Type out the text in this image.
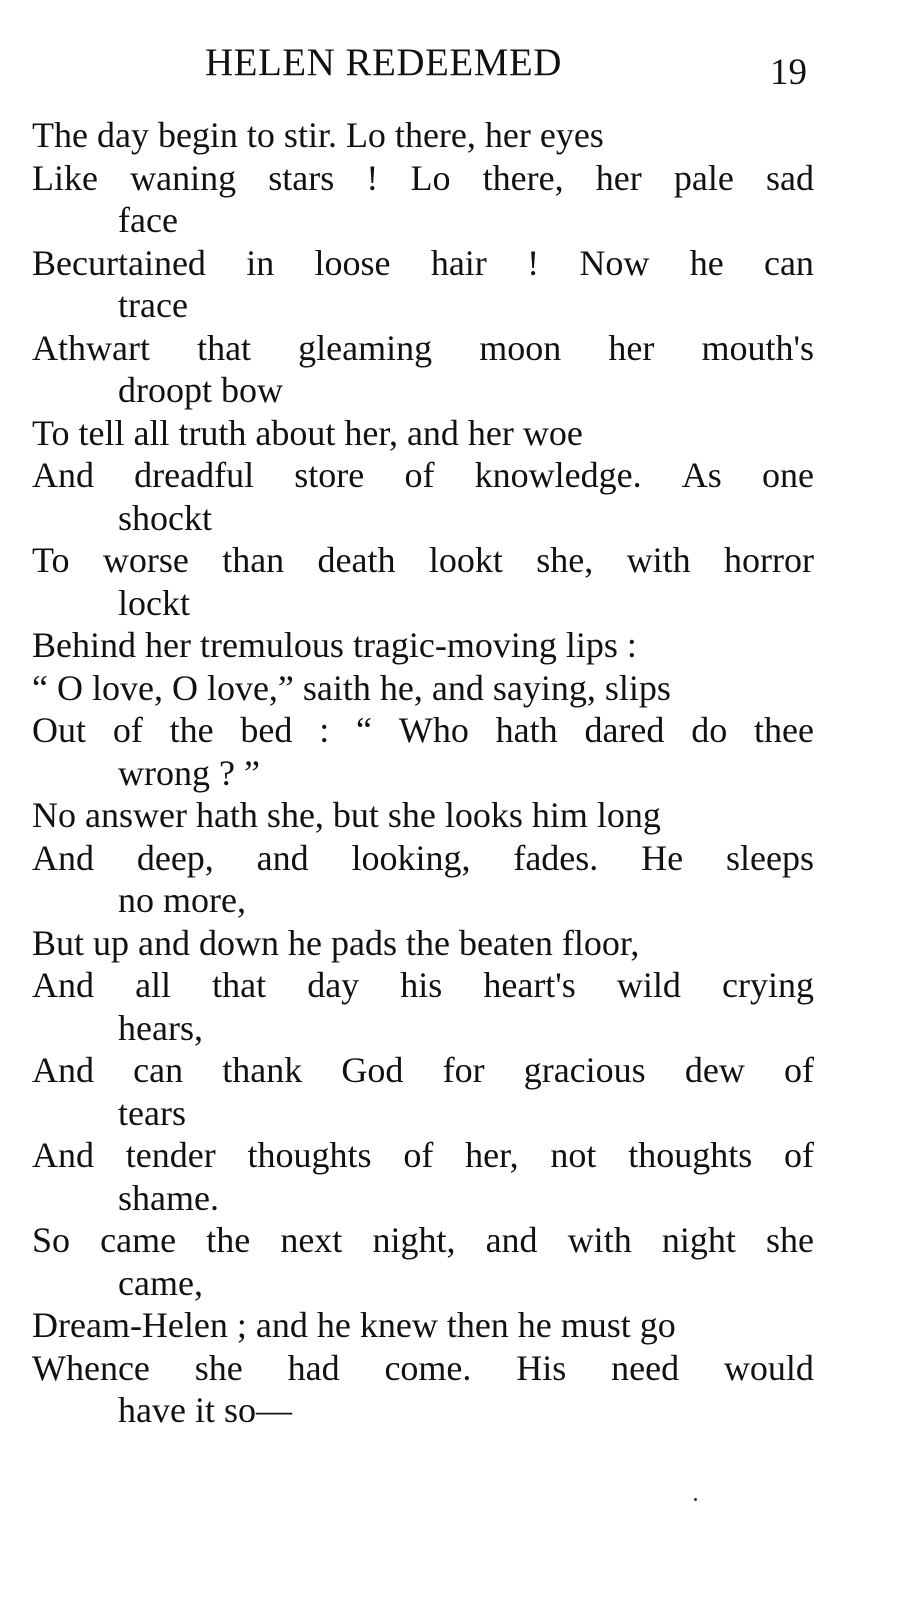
HELEN REDEEMED	19
The day begin to stir. Lo there, her eyes
Like waning stars ! Lo there, her pale sad
face
Becurtained in loose hair ! Now he can
trace
Athwart that gleaming moon her mouth's
droopt bow
To tell all truth about her, and her woe
And dreadful store of knowledge. As one
shockt
To worse than death lookt she, with horror
lockt
Behind her tremulous tragic-moving lips :
“ O love, O love,” saith he, and saying, slips
Out of the bed : “ Who hath dared do thee
wrong ? ”
No answer hath she, but she looks him long
And deep, and looking, fades. He sleeps
no more,
But up and down he pads the beaten floor,
And all that day his heart's wild crying
hears,
And can thank God for gracious dew of
tears
And tender thoughts of her, not thoughts of
shame.
So came the next night, and with night she
came,
Dream-Helen ; and he knew then he must go
Whence she had come. His need would
have it so—
